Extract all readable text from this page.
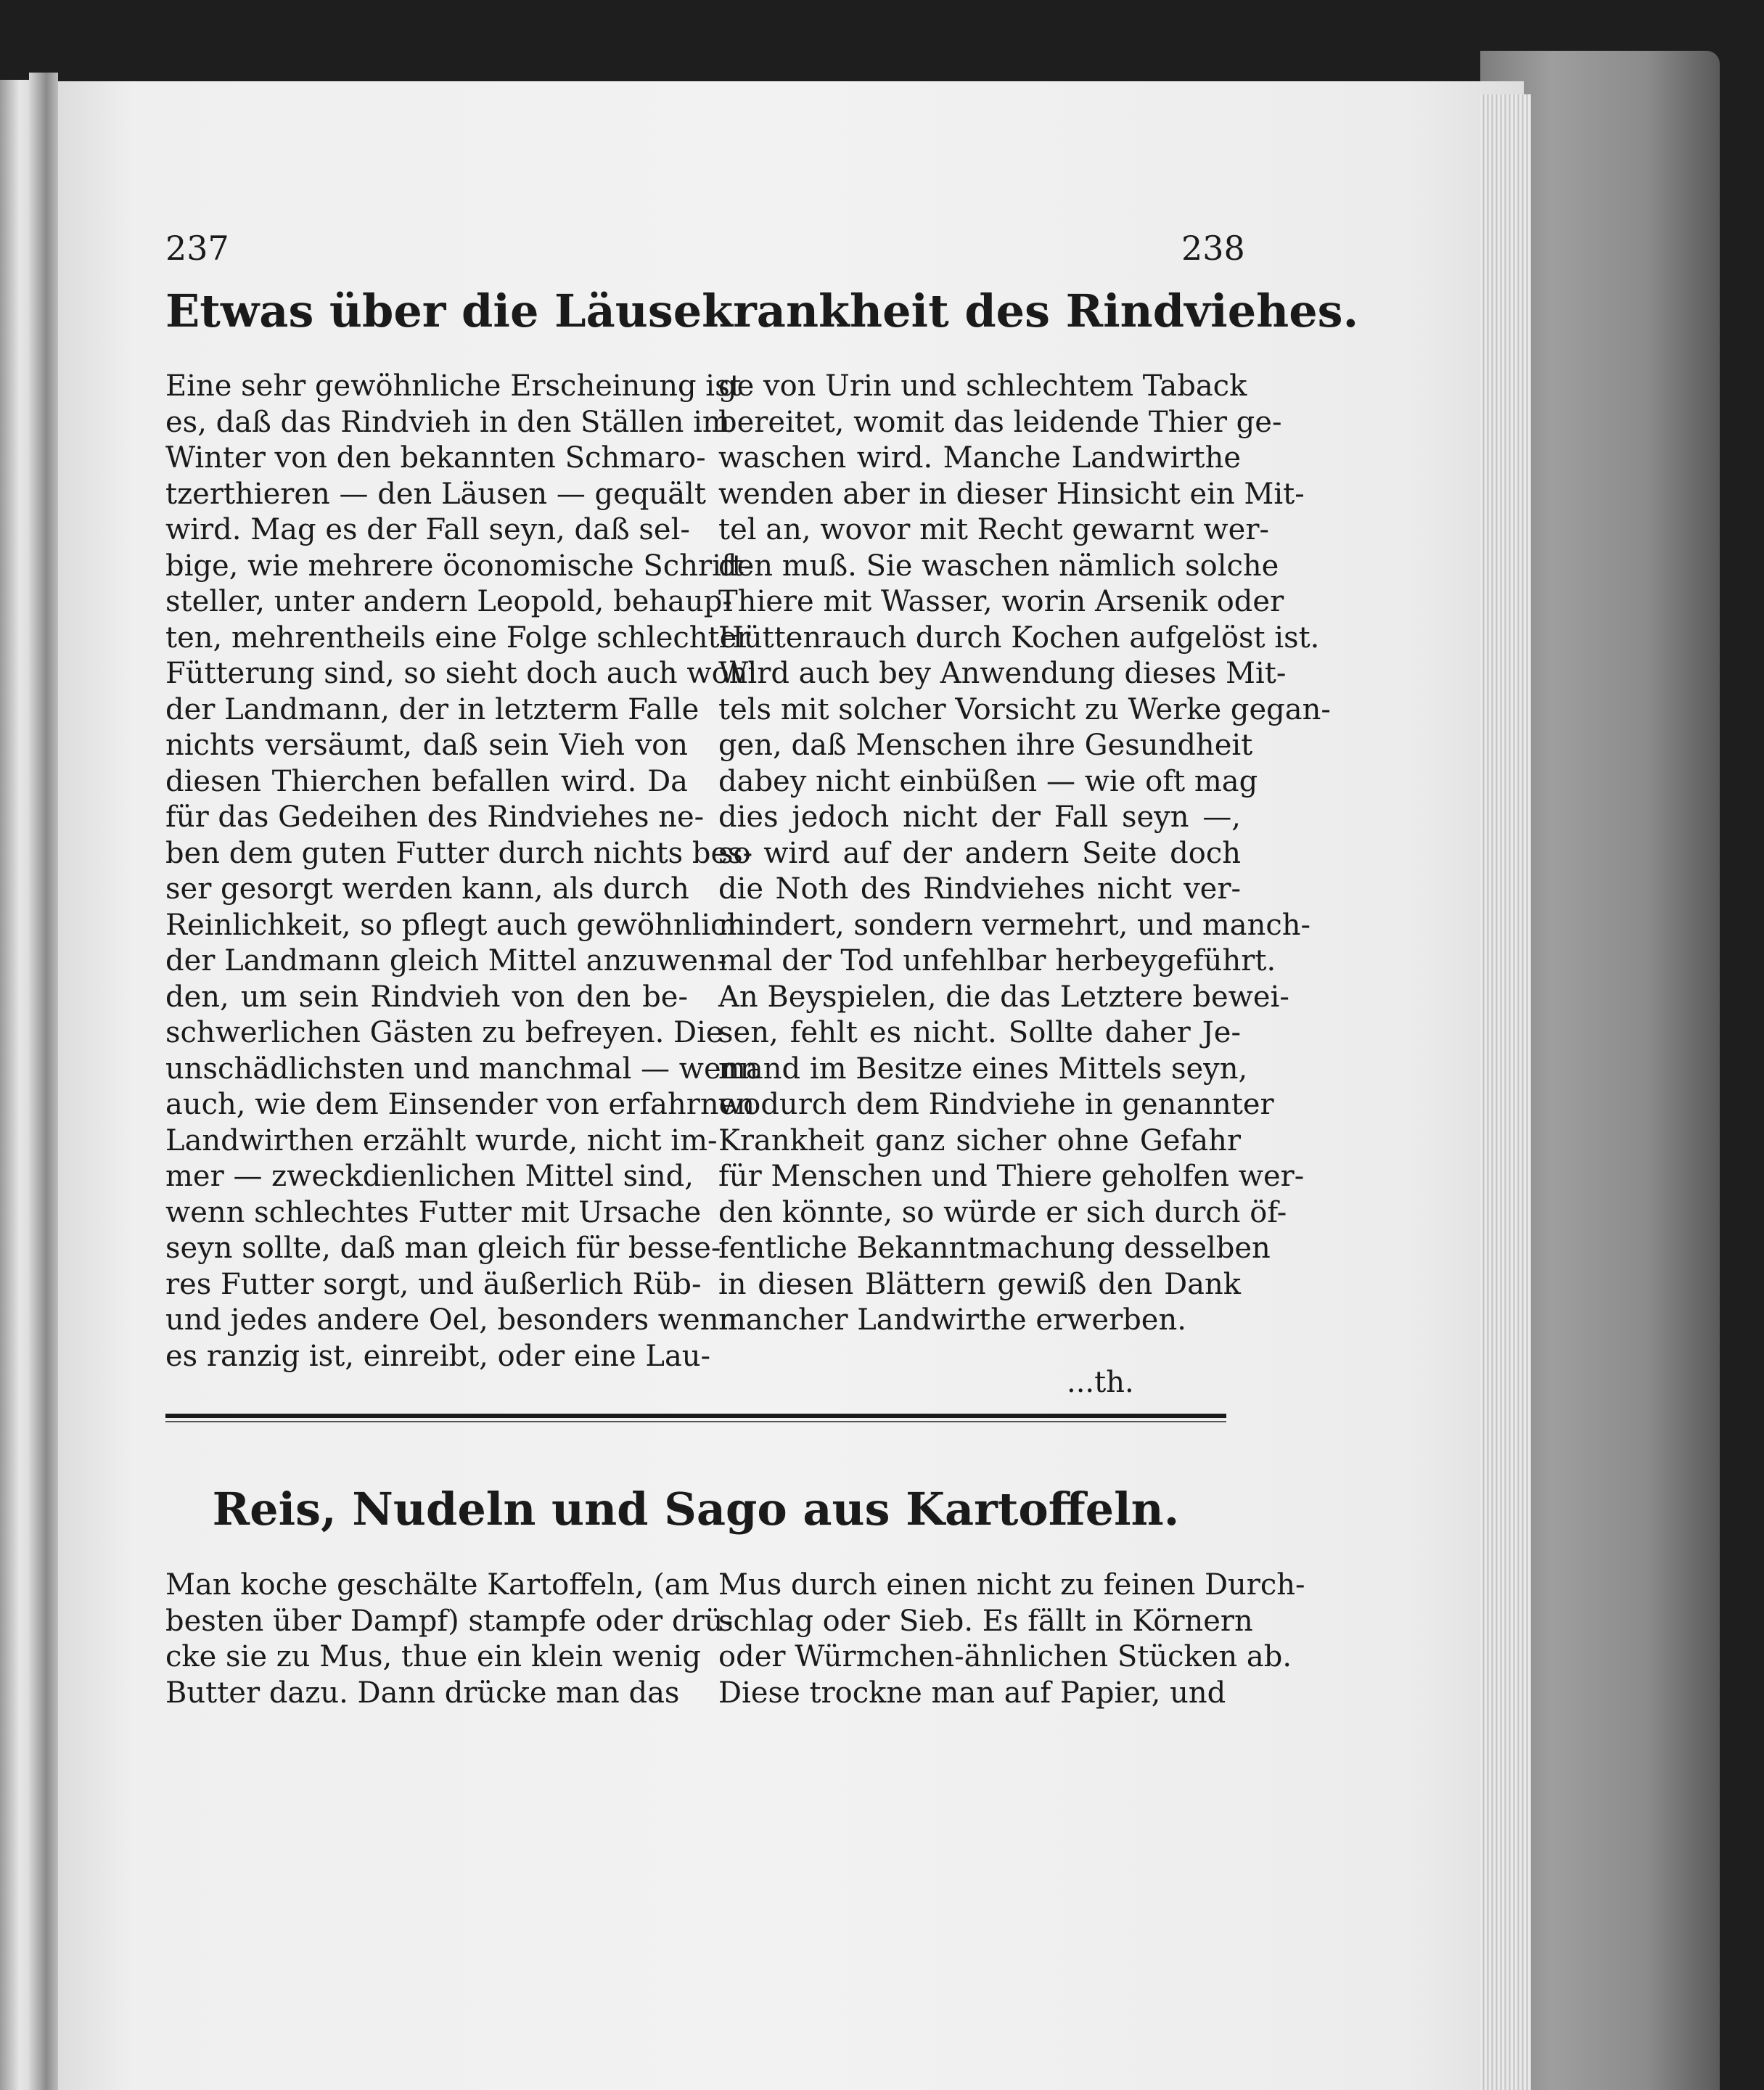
237	238
Etwas über die Läusekrankheit des Rindviehes.
Eine sehr gewöhnliche Erscheinung ist
es, daß das Rindvieh in den Ställen im
Winter von den bekannten Schmaro-
tzerthieren — den Läusen — gequält
wird. Mag es der Fall seyn, daß sel-
bige, wie mehrere öconomische Schrift-
steller, unter andern Leopold, behaup-
ten, mehrentheils eine Folge schlechter
Fütterung sind, so sieht doch auch wohl
der Landmann, der in letzterm Falle
nichts versäumt, daß sein Vieh von
diesen Thierchen befallen wird. Da
für das Gedeihen des Rindviehes ne-
ben dem guten Futter durch nichts bes-
ser gesorgt werden kann, als durch
Reinlichkeit, so pflegt auch gewöhnlich
der Landmann gleich Mittel anzuwen-
den, um sein Rindvieh von den be-
schwerlichen Gästen zu befreyen. Die
unschädlichsten und manchmal — wenn
auch, wie dem Einsender von erfahrnen
Landwirthen erzählt wurde, nicht im-
mer — zweckdienlichen Mittel sind,
wenn schlechtes Futter mit Ursache
seyn sollte, daß man gleich für besse-
res Futter sorgt, und äußerlich Rüb-
und jedes andere Oel, besonders wenn
es ranzig ist, einreibt, oder eine Lau-
ge von Urin und schlechtem Taback
bereitet, womit das leidende Thier ge-
waschen wird. Manche Landwirthe
wenden aber in dieser Hinsicht ein Mit-
tel an, wovor mit Recht gewarnt wer-
den muß. Sie waschen nämlich solche
Thiere mit Wasser, worin Arsenik oder
Hüttenrauch durch Kochen aufgelöst ist.
Wird auch bey Anwendung dieses Mit-
tels mit solcher Vorsicht zu Werke gegan-
gen, daß Menschen ihre Gesundheit
dabey nicht einbüßen — wie oft mag
dies jedoch nicht der Fall seyn —,
so wird auf der andern Seite doch
die Noth des Rindviehes nicht ver-
mindert, sondern vermehrt, und manch-
mal der Tod unfehlbar herbeygeführt.
An Beyspielen, die das Letztere bewei-
sen, fehlt es nicht. Sollte daher Je-
mand im Besitze eines Mittels seyn,
wodurch dem Rindviehe in genannter
Krankheit ganz sicher ohne Gefahr
für Menschen und Thiere geholfen wer-
den könnte, so würde er sich durch öf-
fentliche Bekanntmachung desselben
in diesen Blättern gewiß den Dank
mancher Landwirthe erwerben.
...th.
Reis, Nudeln und Sago aus Kartoffeln.
Man koche geschälte Kartoffeln, (am
besten über Dampf) stampfe oder drü-
cke sie zu Mus, thue ein klein wenig
Butter dazu. Dann drücke man das
Mus durch einen nicht zu feinen Durch-
schlag oder Sieb. Es fällt in Körnern
oder Würmchen-ähnlichen Stücken ab.
Diese trockne man auf Papier, und
